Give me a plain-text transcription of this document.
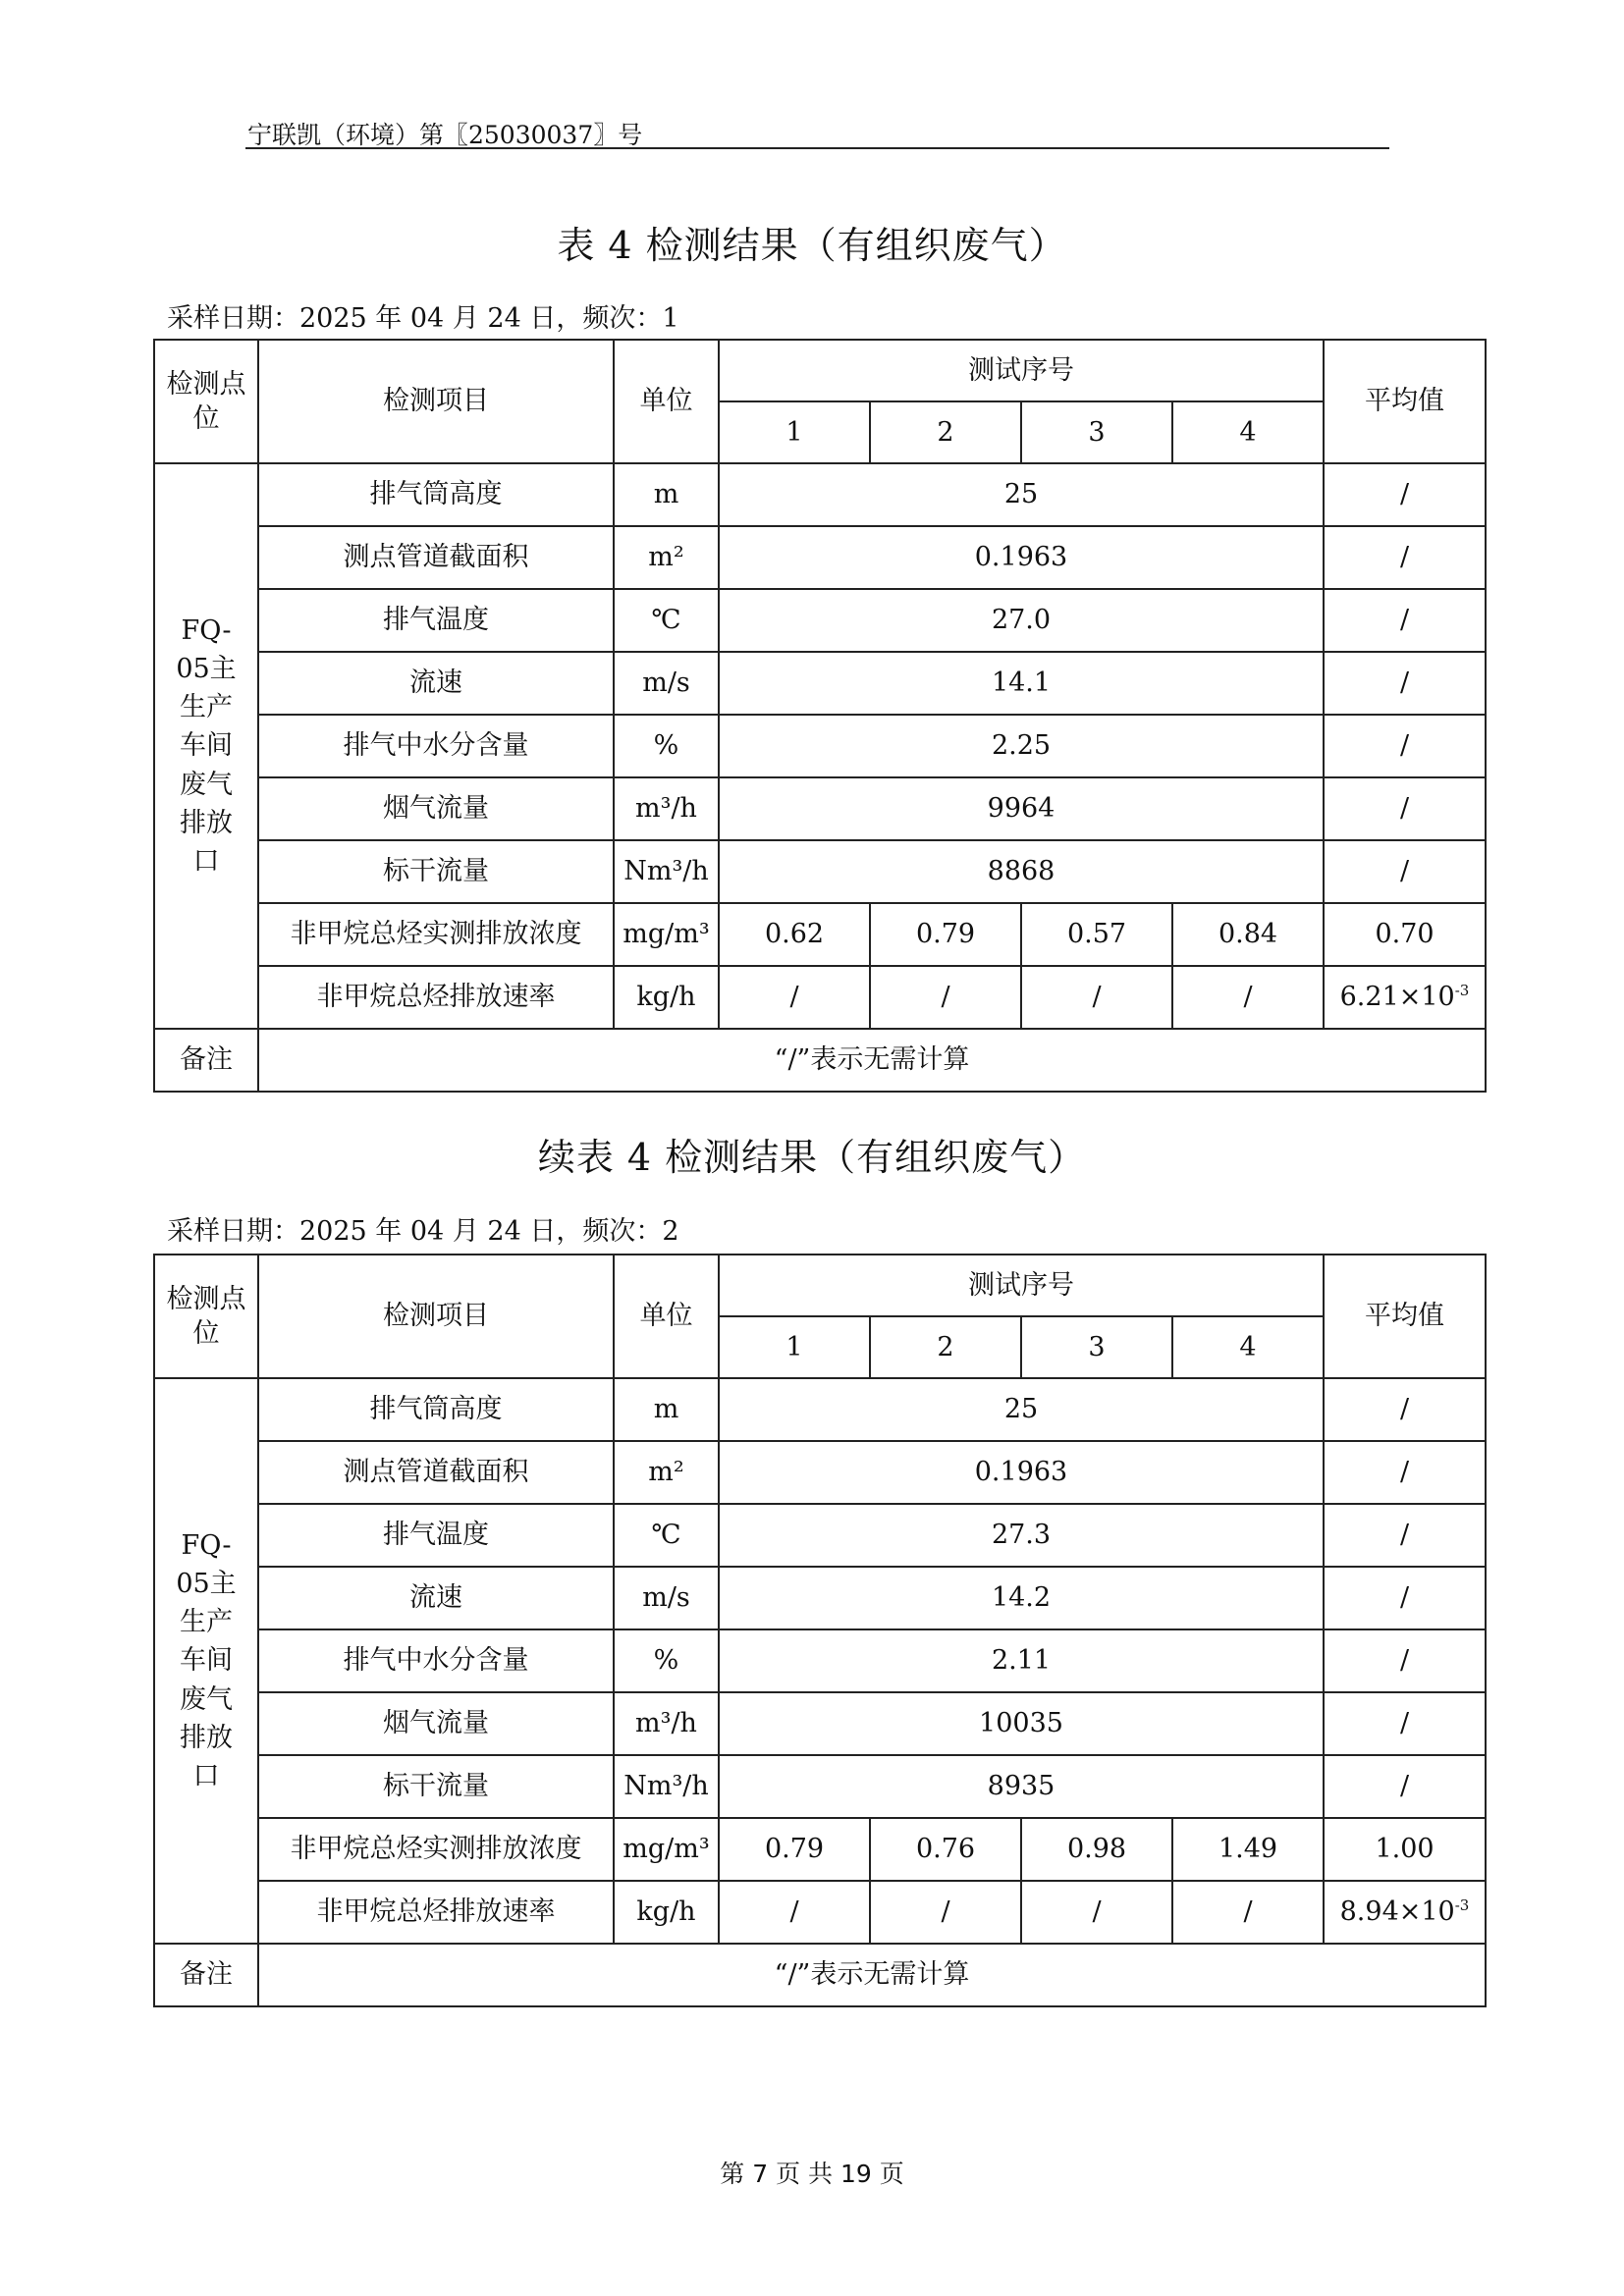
宁联凯（环境）第〖25030037〗号
表 4 检测结果（有组织废气）
采样日期：2025 年 04 月 24 日，频次：1
检测点位	检测项目	单位	测试序号				平均值
			1	2	3	4	

FQ-05主生产车间废气排放口	排气筒高度	m	25				/
	测点管道截面积	m²	0.1963				/
	排气温度	℃	27.0				/
	流速	m/s	14.1				/
	排气中水分含量	%	2.25				/
	烟气流量	m³/h	9964				/
	标干流量	Nm³/h	8868				/
	非甲烷总烃实测排放浓度	mg/m³	0.62	0.79	0.57	0.84	0.70
	非甲烷总烃排放速率	kg/h	/	/	/	/	$6.21\times 10^{-3}$
备注	“/”表示无需计算						
续表 4 检测结果（有组织废气）
采样日期：2025 年 04 月 24 日，频次：2
检测点位	检测项目	单位	测试序号				平均值
			1	2	3	4	

FQ-05主生产车间废气排放口	排气筒高度	m	25				/
	测点管道截面积	m²	0.1963				/
	排气温度	℃	27.3				/
	流速	m/s	14.2				/
	排气中水分含量	%	2.11				/
	烟气流量	m³/h	10035				/
	标干流量	Nm³/h	8935				/
	非甲烷总烃实测排放浓度	mg/m³	0.79	0.76	0.98	1.49	1.00
	非甲烷总烃排放速率	kg/h	/	/	/	/	$8.94\times 10^{-3}$
备注	“/”表示无需计算						
第 7 页 共 19 页
